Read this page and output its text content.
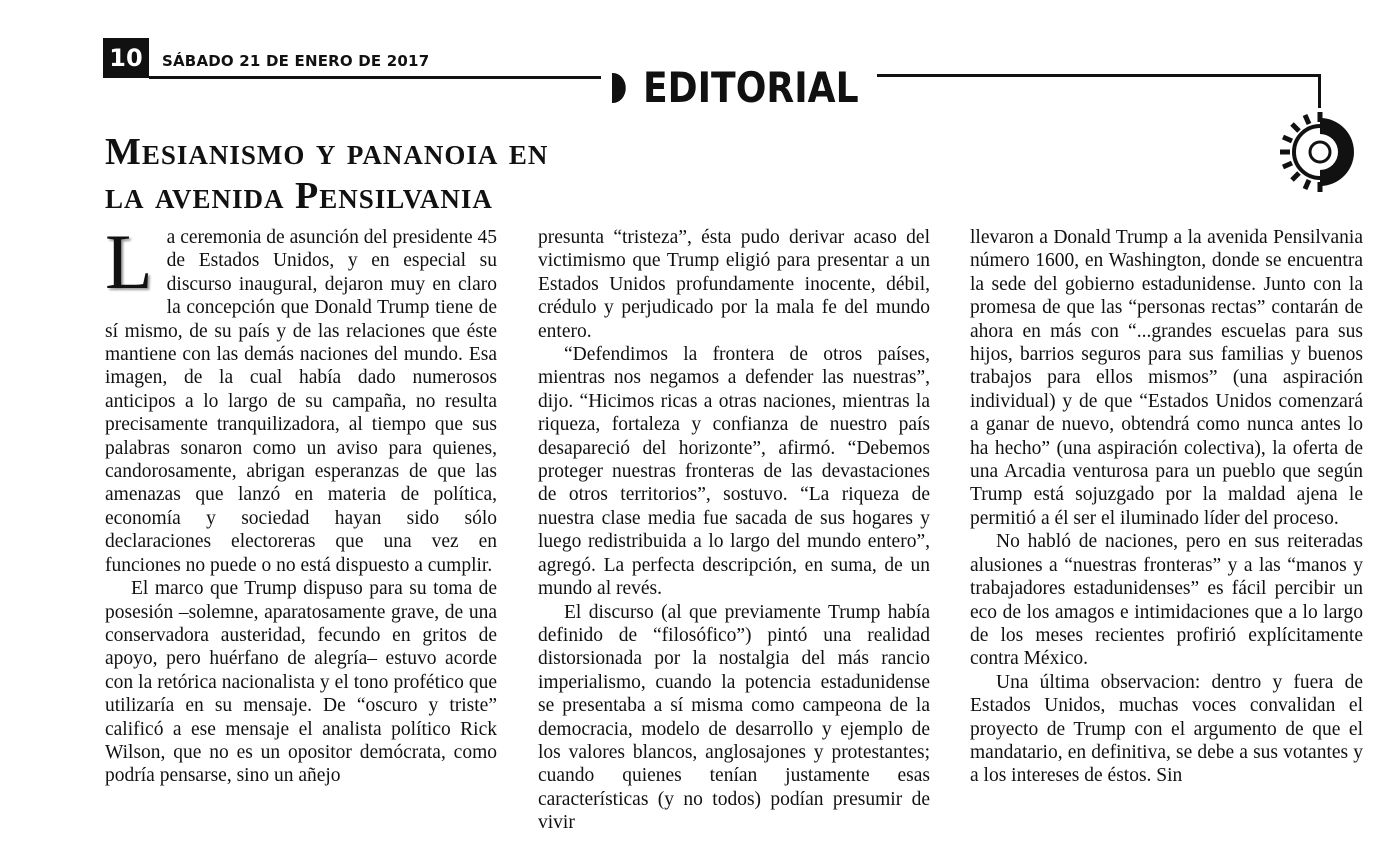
10	SÁBADO 21 DE ENERO DE 2017
EDITORIAL
Mesianismo y pananoia en
la avenida Pensilvania

La ceremonia de asunción del presidente 45 de Estados Unidos, y en especial su discurso inaugural, dejaron muy en claro la concepción que Donald Trump tiene de sí mismo, de su país y de las relaciones que éste mantiene con las demás naciones del mundo. Esa imagen, de la cual había dado numerosos anticipos a lo largo de su campaña, no resulta precisamente tranquilizadora, al tiempo que sus palabras sonaron como un aviso para quienes, candorosamente, abrigan esperanzas de que las amenazas que lanzó en materia de política, economía y sociedad hayan sido sólo declaraciones electoreras que una vez en funciones no puede o no está dispuesto a cumplir.

El marco que Trump dispuso para su toma de posesión –solemne, aparatosamente grave, de una conservadora austeridad, fecundo en gritos de apoyo, pero huérfano de alegría– estuvo acorde con la retórica nacionalista y el tono profético que utilizaría en su mensaje. De “oscuro y triste” calificó a ese mensaje el analista político Rick Wilson, que no es un opositor demócrata, como podría pensarse, sino un añejo

presunta “tristeza”, ésta pudo derivar acaso del victimismo que Trump eligió para presentar a un Estados Unidos profundamente inocente, débil, crédulo y perjudicado por la mala fe del mundo entero.

“Defendimos la frontera de otros países, mientras nos negamos a defender las nuestras”, dijo. “Hicimos ricas a otras naciones, mientras la riqueza, fortaleza y confianza de nuestro país desapareció del horizonte”, afirmó. “Debemos proteger nuestras fronteras de las devastaciones de otros territorios”, sostuvo. “La riqueza de nuestra clase media fue sacada de sus hogares y luego redistribuida a lo largo del mundo entero”, agregó. La perfecta descripción, en suma, de un mundo al revés.

El discurso (al que previamente Trump había definido de “filosófico”) pintó una realidad distorsionada por la nostalgia del más rancio imperialismo, cuando la potencia estadunidense se presentaba a sí misma como campeona de la democracia, modelo de desarrollo y ejemplo de los valores blancos, anglosajones y protestantes; cuando quienes tenían justamente esas características (y no todos) podían presumir de vivir

llevaron a Donald Trump a la avenida Pensilvania número 1600, en Washington, donde se encuentra la sede del gobierno estadunidense. Junto con la promesa de que las “personas rectas” contarán de ahora en más con “...grandes escuelas para sus hijos, barrios seguros para sus familias y buenos trabajos para ellos mismos” (una aspiración individual) y de que “Estados Unidos comenzará a ganar de nuevo, obtendrá como nunca antes lo ha hecho” (una aspiración colectiva), la oferta de una Arcadia venturosa para un pueblo que según Trump está sojuzgado por la maldad ajena le permitió a él ser el iluminado líder del proceso.

No habló de naciones, pero en sus reiteradas alusiones a “nuestras fronteras” y a las “manos y trabajadores estadunidenses” es fácil percibir un eco de los amagos e intimidaciones que a lo largo de los meses recientes profirió explícitamente contra México.

Una última observacion: dentro y fuera de Estados Unidos, muchas voces convalidan el proyecto de Trump con el argumento de que el mandatario, en definitiva, se debe a sus votantes y a los intereses de éstos. Sin
